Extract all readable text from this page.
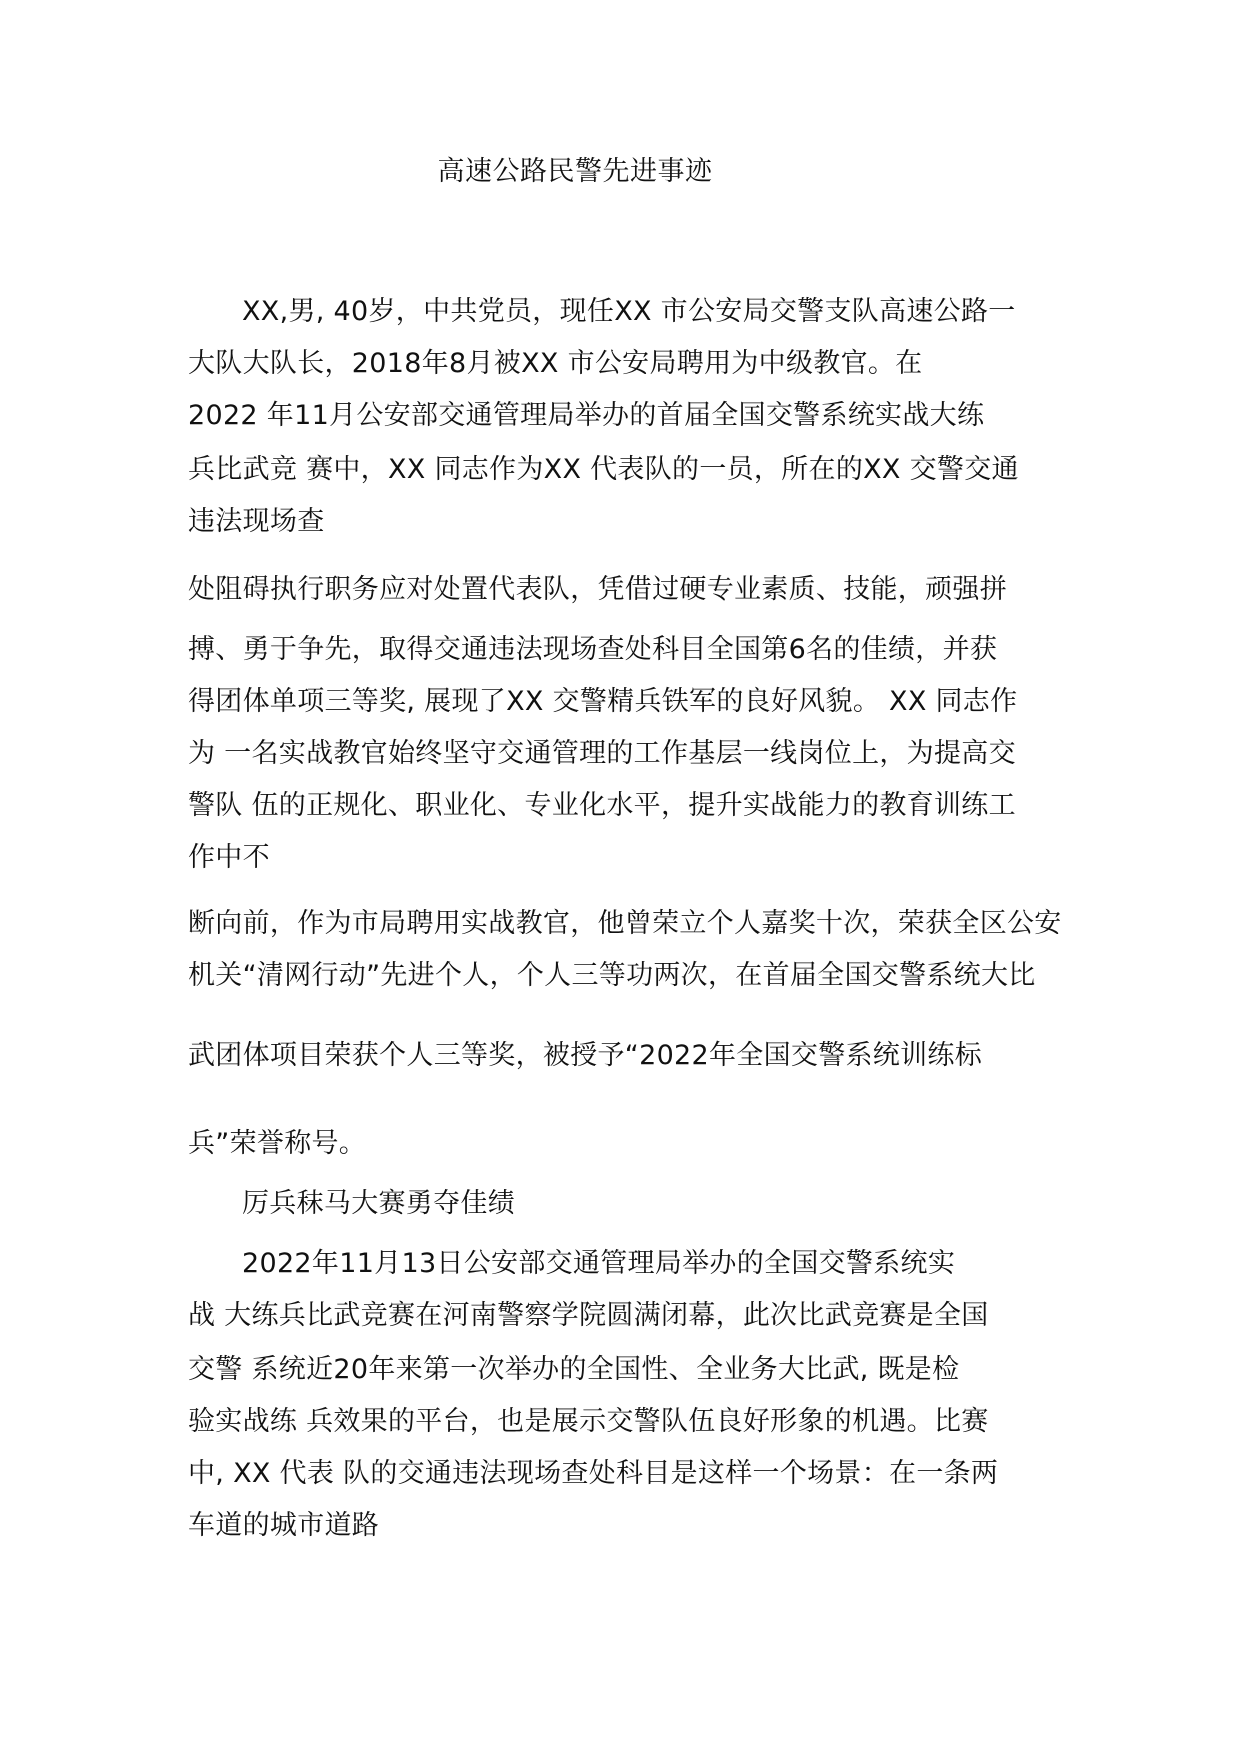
高速公路民警先进事迹
XX,男, 40岁，中共党员，现任XX 市公安局交警支队高速公路一
大队大队长，2018年8月被XX 市公安局聘用为中级教官。在
2022 年11月公安部交通管理局举办的首届全国交警系统实战大练
兵比武竞 赛中，XX 同志作为XX 代表队的一员，所在的XX 交警交通
违法现场查
处阻碍执行职务应对处置代表队，凭借过硬专业素质、技能，顽强拼
搏、勇于争先，取得交通违法现场查处科目全国第6名的佳绩，并获
得团体单项三等奖, 展现了XX 交警精兵铁军的良好风貌。 XX 同志作
为 一名实战教官始终坚守交通管理的工作基层一线岗位上，为提高交
警队 伍的正规化、职业化、专业化水平，提升实战能力的教育训练工
作中不
断向前，作为市局聘用实战教官，他曾荣立个人嘉奖十次，荣获全区公安
机关“清网行动”先进个人，个人三等功两次，在首届全国交警系统大比
武团体项目荣获个人三等奖，被授予“2022年全国交警系统训练标
兵”荣誉称号。
厉兵秣马大赛勇夺佳绩
2022年11月13日公安部交通管理局举办的全国交警系统实
战 大练兵比武竞赛在河南警察学院圆满闭幕，此次比武竞赛是全国
交警 系统近20年来第一次举办的全国性、全业务大比武, 既是检
验实战练 兵效果的平台，也是展示交警队伍良好形象的机遇。比赛
中, XX 代表 队的交通违法现场查处科目是这样一个场景：在一条两
车道的城市道路
